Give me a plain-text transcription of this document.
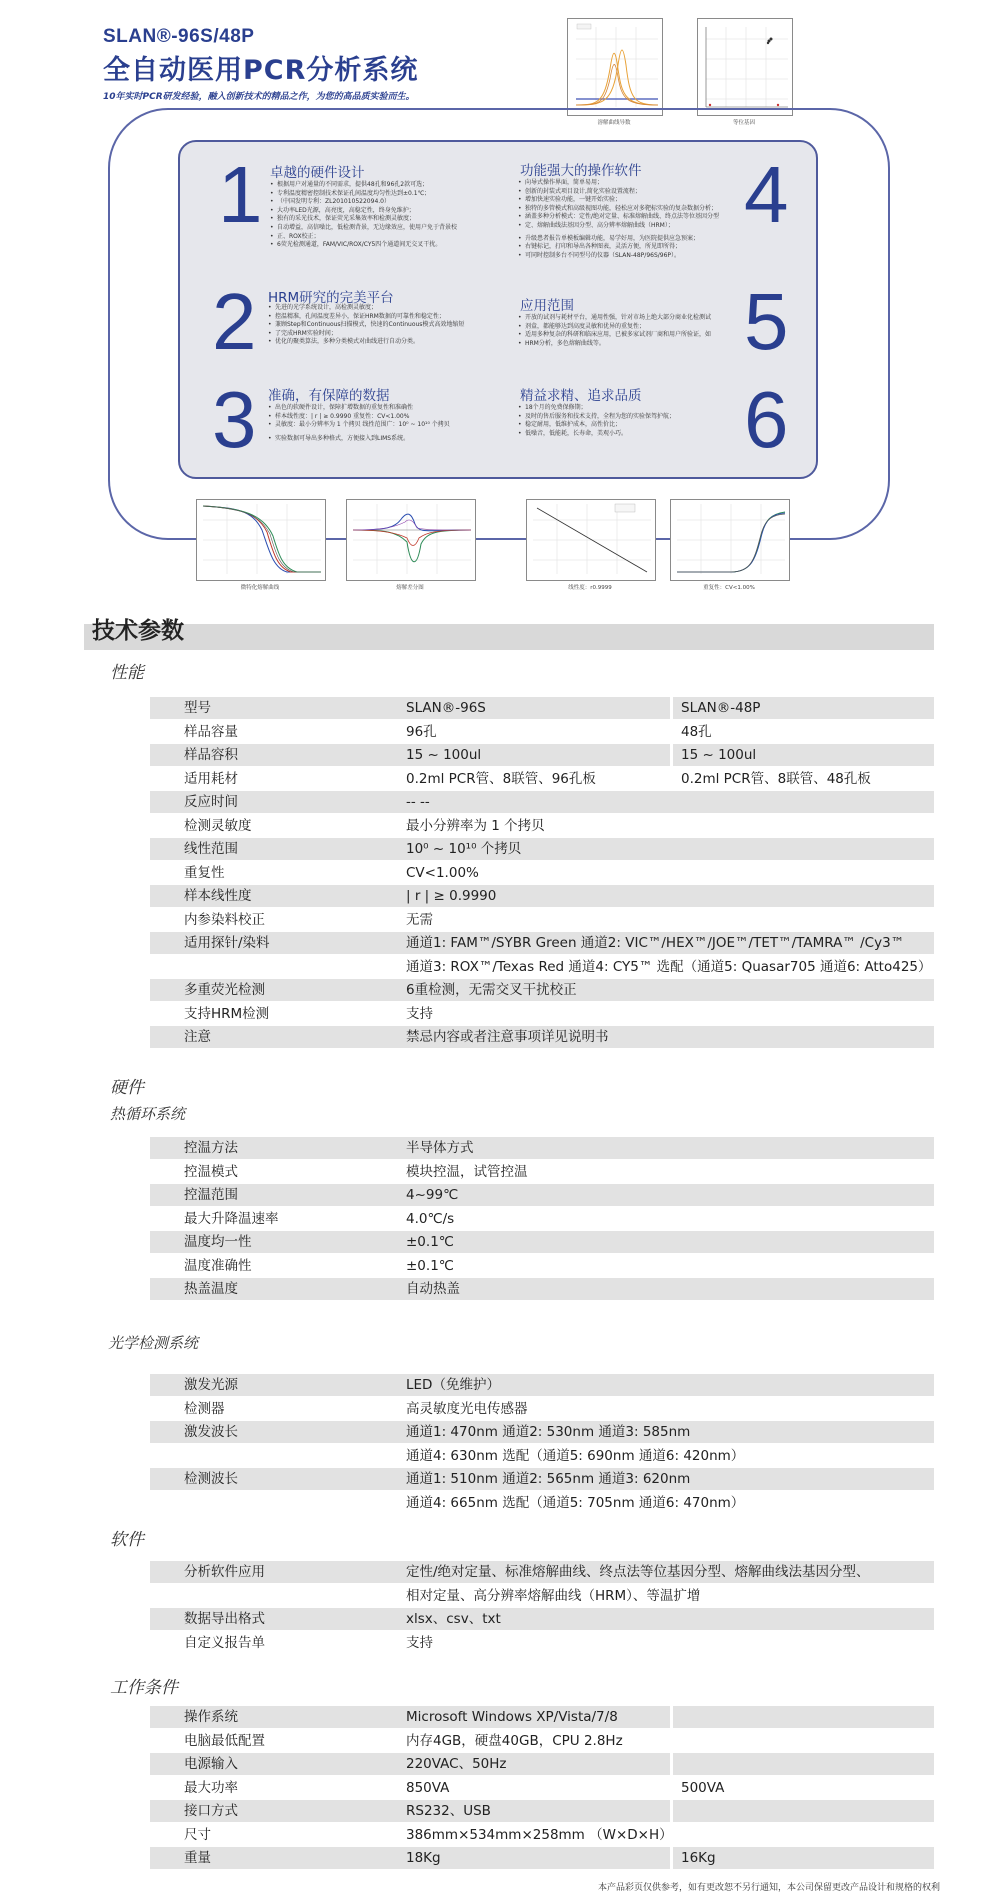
SLAN®-96S/48P
全自动医用PCR分析系统
10年实时PCR研发经验，融入创新技术的精品之作，为您的高品质实验而生。
溶解曲线导数	等位基因
1 卓越的硬件设计
• 根据用户对通量的不同需求，提供48孔和96孔2款可选；
• 专利温度精密控制技术保证孔间温度均匀性达到±0.1℃；
• （中国发明专利：ZL201010522094.0）
• 大功率LED光源，高亮度，高稳定性，终身免维护；
• 独有的采光技术，保证荧光采集效率和检测灵敏度；
• 自动增益，高信噪比，低检测背景，无边缘效应，使用户免于背景校
• 正、ROX校正；
• 6荧光检测通道，FAM/VIC/ROX/CY5四个通道间无交叉干扰。
2 HRM研究的完美平台
• 先进的光学系统设计，高检测灵敏度；
• 控温精准，孔间温度差异小，保证HRM数据的可靠性和稳定性；
• 兼顾Step和Continuous扫描模式，快速的Continuous模式高效地缩短
• 了完成HRM实验时间；
• 优化的聚类算法，多种分类模式对曲线进行自动分类。
3 准确，有保障的数据
• 出色的软硬件设计，保障扩增数据的重复性和准确性
• 样本线性度：| r | ≥ 0.9990 重复性：CV<1.00%
• 灵敏度：最小分辨率为 1 个拷贝 线性范围广：10⁰ ~ 10¹⁰ 个拷贝
• 实验数据可导出多种格式，方便接入到LIMS系统。
功能强大的操作软件
• 向导式操作界面，简单易用；
• 创新的封装式项目设计,简化实验设置流程；
• 增加快速实验功能，一键开始实验；
• 独特的多管模式和高级视图功能，轻松应对多靶标实验的复杂数据分析；
• 涵盖多种分析模式：定性/绝对定量、标准熔解曲线、终点法等位基因分型
• 定、熔解曲线法基因分型、高分辨率熔解曲线（HRM）；
• 升级患者报告单模板编辑功能，易学好用，为医院提供应急预案；
• 右键标记，打印和导出各种图表，灵活方便，所见即所得；
• 可同时控制多台不同型号的仪器（SLAN-48P/96S/96P）。
4
应用范围
• 开放的试剂与耗材平台，通用性强，针对市场上绝大部分商业化检测试
• 剂盒，都能够达到高度灵敏和优异的重复性；
• 适用多种复杂的科研和临床应用，已被多家试剂厂商和用户所验证，如
• HRM分析，多色熔解曲线等。	5
精益求精、追求品质
• 18个月的免费保修期；
• 及时的售后服务和技术支持，全程为您的实验保驾护航；
• 稳定耐用，低维护成本，高性价比；
• 低噪音，低能耗，长寿命，美观小巧。	6
微特化熔解曲线	熔解差分图	线性度：r0.9999	重复性：CV<1.00%
技术参数
性能
型号	SLAN®-96S	SLAN®-48P
样品容量	96孔	48孔
样品容积	15 ~ 100ul	15 ~ 100ul
适用耗材	0.2ml PCR管、8联管、96孔板	0.2ml PCR管、8联管、48孔板
反应时间	-- --
检测灵敏度	最小分辨率为 1 个拷贝
线性范围	10⁰ ~ 10¹⁰ 个拷贝
重复性	CV<1.00%
样本线性度	| r | ≥ 0.9990
内参染料校正	无需
适用探针/染料	通道1: FAM™/SYBR Green 通道2: VIC™/HEX™/JOE™/TET™/TAMRA™ /Cy3™
通道3: ROX™/Texas Red 通道4: CY5™ 选配（通道5: Quasar705 通道6: Atto425）
多重荧光检测	6重检测，无需交叉干扰校正
支持HRM检测	支持
注意	禁忌内容或者注意事项详见说明书
硬件
热循环系统
控温方法	半导体方式
控温模式	模块控温，试管控温
控温范围	4~99℃
最大升降温速率	4.0℃/s
温度均一性	±0.1℃
温度准确性	±0.1℃
热盖温度	自动热盖
光学检测系统
激发光源	LED（免维护）
检测器	高灵敏度光电传感器
激发波长	通道1: 470nm 通道2: 530nm 通道3: 585nm
通道4: 630nm 选配（通道5: 690nm 通道6: 420nm）
检测波长	通道1: 510nm 通道2: 565nm 通道3: 620nm
通道4: 665nm 选配（通道5: 705nm 通道6: 470nm）
软件
分析软件应用	定性/绝对定量、标准熔解曲线、终点法等位基因分型、熔解曲线法基因分型、
相对定量、高分辨率熔解曲线（HRM）、等温扩增
数据导出格式	xlsx、csv、txt
自定义报告单	支持
工作条件
操作系统	Microsoft Windows XP/Vista/7/8
电脑最低配置	内存4GB，硬盘40GB，CPU 2.8Hz
电源输入	220VAC、50Hz
最大功率	850VA	500VA
接口方式	RS232、USB
尺寸	386mm×534mm×258mm （W×D×H）
重量	18Kg	16Kg
本产品彩页仅供参考，如有更改恕不另行通知，本公司保留更改产品设计和规格的权利
